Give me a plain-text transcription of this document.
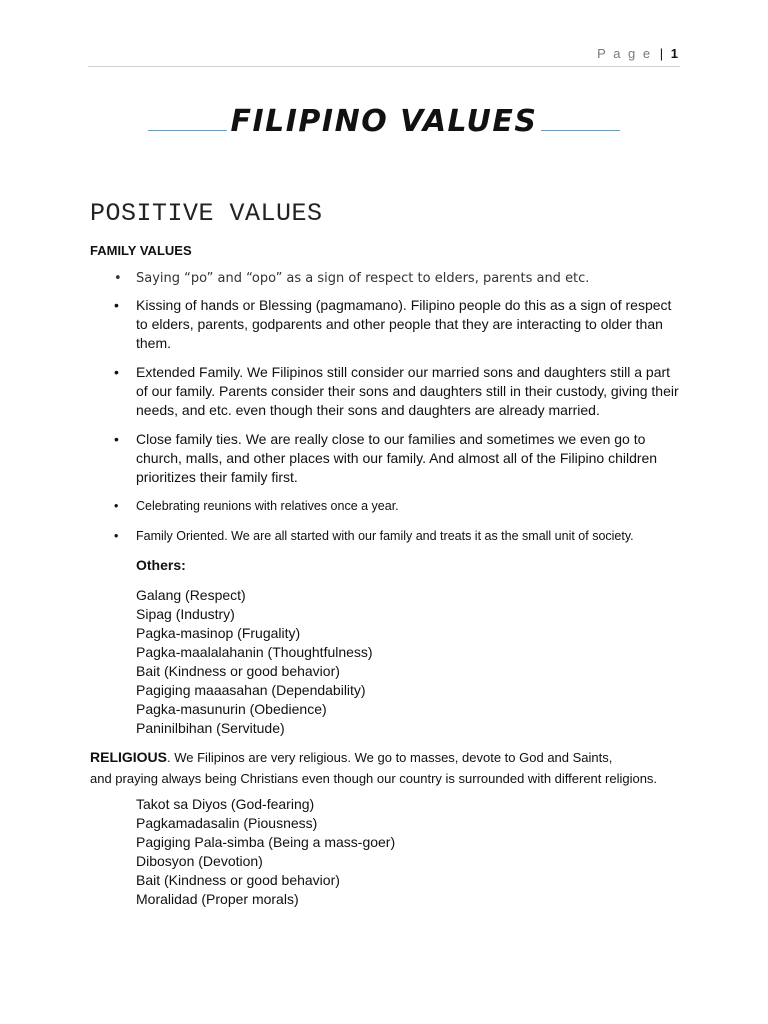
P a g e | 1
FILIPINO VALUES
POSITIVE VALUES
FAMILY VALUES
• Saying “po” and “opo” as a sign of respect to elders, parents and etc.
• Kissing of hands or Blessing (pagmamano). Filipino people do this as a sign of respect to elders, parents, godparents and other people that they are interacting to older than them.
• Extended Family. We Filipinos still consider our married sons and daughters still a part of our family. Parents consider their sons and daughters still in their custody, giving their needs, and etc. even though their sons and daughters are already married.
• Close family ties. We are really close to our families and sometimes we even go to church, malls, and other places with our family. And almost all of the Filipino children prioritizes their family first.
• Celebrating reunions with relatives once a year.
• Family Oriented. We are all started with our family and treats it as the small unit of society.
Others:
Galang (Respect)
Sipag (Industry)
Pagka-masinop (Frugality)
Pagka-maalalahanin (Thoughtfulness)
Bait (Kindness or good behavior)
Pagiging maaasahan (Dependability)
Pagka-masunurin (Obedience)
Paninilbihan (Servitude)
RELIGIOUS. We Filipinos are very religious. We go to masses, devote to God and Saints,
and praying always being Christians even though our country is surrounded with different religions.
Takot sa Diyos (God-fearing)
Pagkamadasalin (Piousness)
Pagiging Pala-simba (Being a mass-goer)
Dibosyon (Devotion)
Bait (Kindness or good behavior)
Moralidad (Proper morals)
